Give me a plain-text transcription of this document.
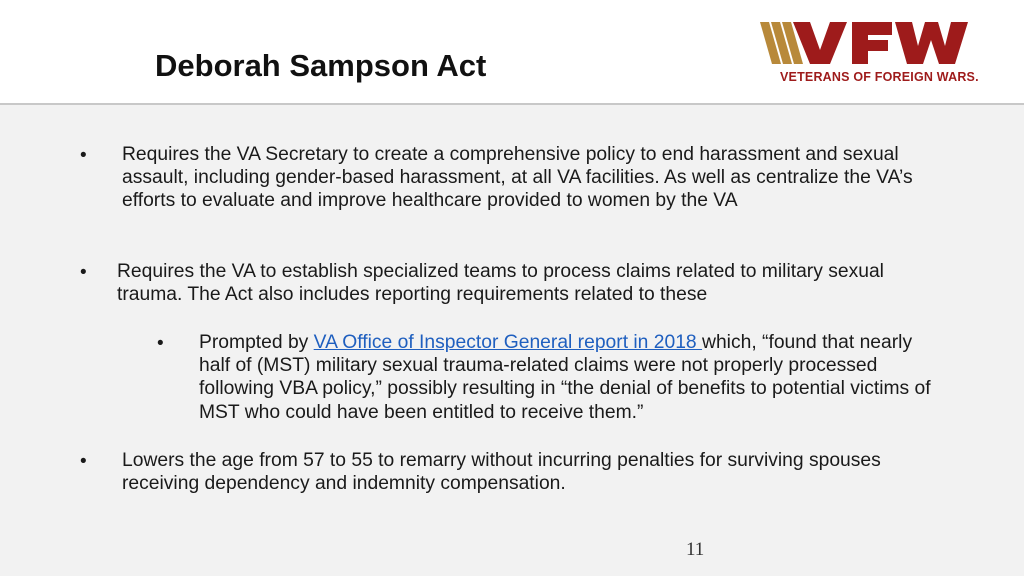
Deborah Sampson Act	VETERANS OF FOREIGN WARS.
• Requires the VA Secretary to create a comprehensive policy to end harassment and sexual assault, including gender-based harassment, at all VA facilities. As well as centralize the VA’s efforts to evaluate and improve healthcare provided to women by the VA
• Requires the VA to establish specialized teams to process claims related to military sexual trauma. The Act also includes reporting requirements related to these
• Prompted by VA Office of Inspector General report in 2018 which, “found that nearly half of (MST) military sexual trauma-related claims were not properly processed following VBA policy,” possibly resulting in “the denial of benefits to potential victims of MST who could have been entitled to receive them.”
• Lowers the age from 57 to 55 to remarry without incurring penalties for surviving spouses receiving dependency and indemnity compensation.
11
